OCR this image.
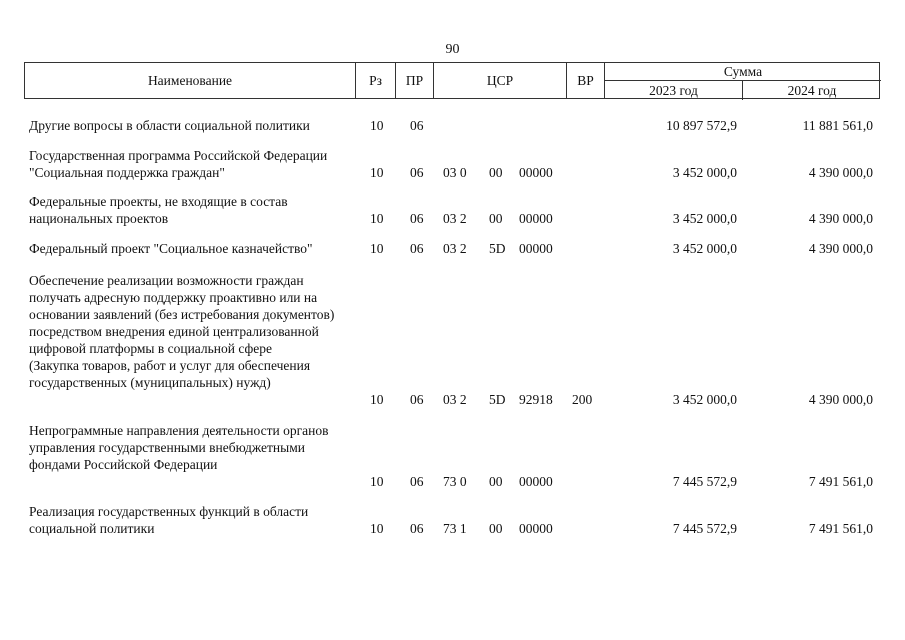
90
Наименование	Рз	ПР	ЦСР	ВР
Сумма
2023 год	2024 год
Другие вопросы в области социальной политики	10 06	10 897 572,9	11 881 561,0
Государственная программа Российской Федерации "Социальная поддержка граждан"	10 06 03 0 00 00000	3 452 000,0	4 390 000,0
Федеральные проекты, не входящие в состав национальных проектов	10 06 03 2 00 00000	3 452 000,0	4 390 000,0
Федеральный проект "Социальное казначейство"	10 06 03 2 5D 00000	3 452 000,0	4 390 000,0
Обеспечение реализации возможности граждан получать адресную поддержку проактивно или на основании заявлений (без истребования документов) посредством внедрения единой централизованной цифровой платформы в социальной сфере
(Закупка товаров, работ и услуг для обеспечения государственных (муниципальных) нужд)
10 06 03 2 5D 92918 200	3 452 000,0	4 390 000,0
Непрограммные направления деятельности органов управления государственными внебюджетными фондами Российской Федерации
10 06 73 0 00 00000	7 445 572,9	7 491 561,0
Реализация государственных функций в области социальной политики	10 06 73 1 00 00000	7 445 572,9	7 491 561,0
